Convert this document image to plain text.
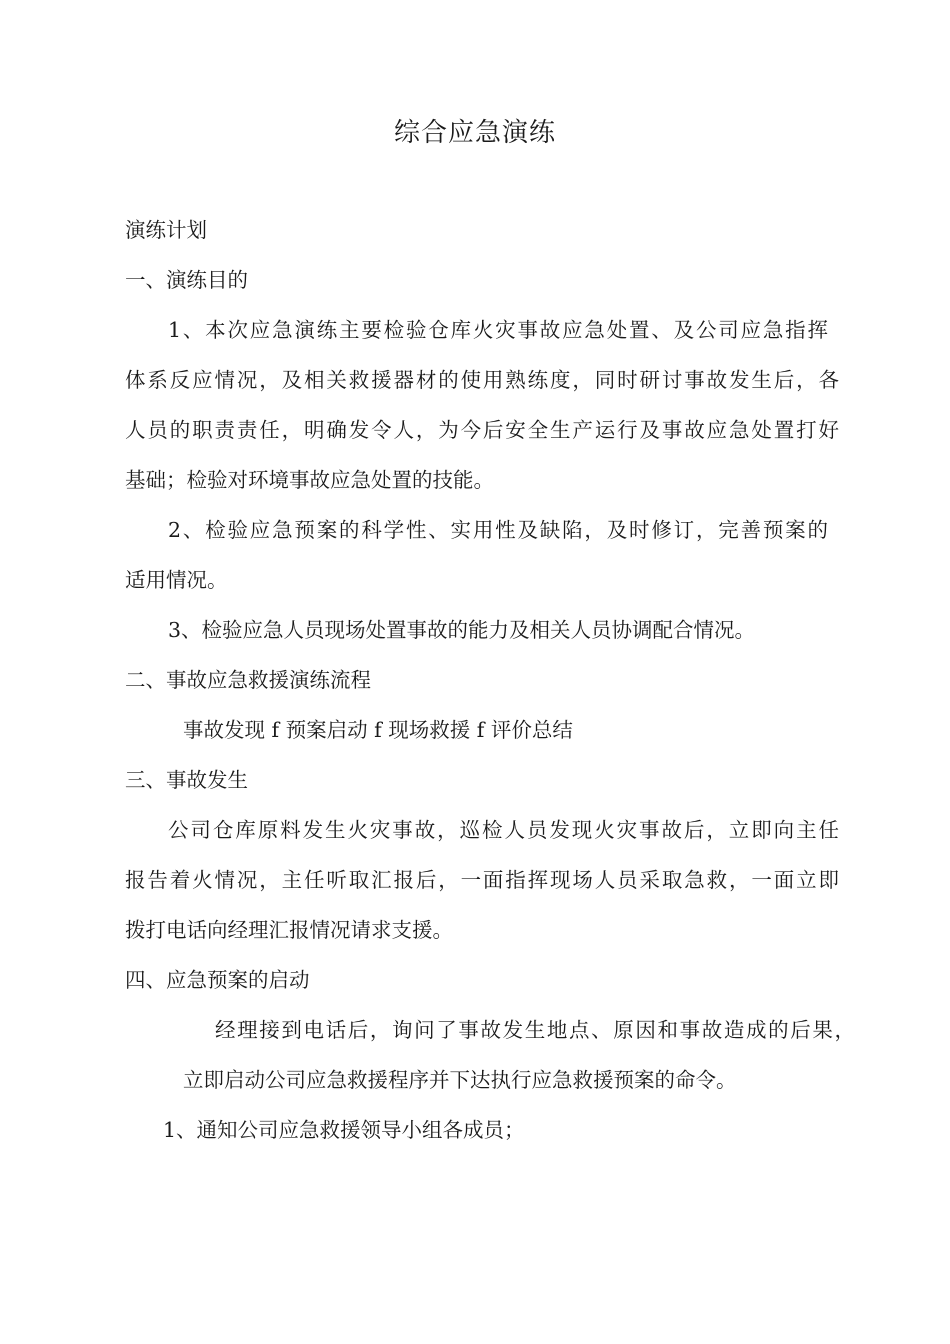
综合应急演练
演练计划
一、演练目的
1、本次应急演练主要检验仓库火灾事故应急处置、及公司应急指挥
体系反应情况，及相关救援器材的使用熟练度，同时研讨事故发生后，各
人员的职责责任，明确发令人，为今后安全生产运行及事故应急处置打好
基础；检验对环境事故应急处置的技能。
2、检验应急预案的科学性、实用性及缺陷，及时修订，完善预案的
适用情况。
3、检验应急人员现场处置事故的能力及相关人员协调配合情况。
二、事故应急救援演练流程
事故发现 f 预案启动 f 现场救援 f 评价总结
三、事故发生
公司仓库原料发生火灾事故，巡检人员发现火灾事故后，立即向主任
报告着火情况，主任听取汇报后，一面指挥现场人员采取急救，一面立即
拨打电话向经理汇报情况请求支援。
四、应急预案的启动
经理接到电话后，询问了事故发生地点、原因和事故造成的后果，
立即启动公司应急救援程序并下达执行应急救援预案的命令。
1、通知公司应急救援领导小组各成员；
